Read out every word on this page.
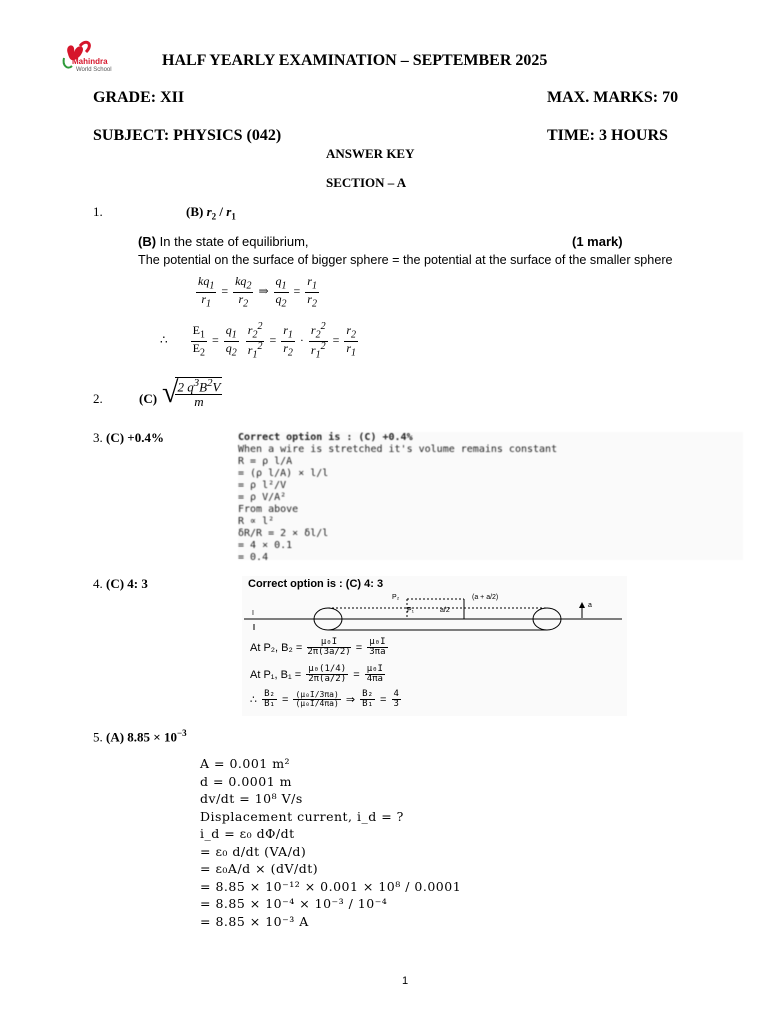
Mahindra
World School
HALF YEARLY EXAMINATION – SEPTEMBER 2025
GRADE: XII	MAX. MARKS: 70
SUBJECT: PHYSICS (042)	TIME: 3 HOURS
ANSWER KEY
SECTION – A
1.	(B) $r_2 / r_1$
(B) In the state of equilibrium,	(1 mark)
The potential on the surface of bigger sphere = the potential at the surface of the smaller sphere
$\frac{kq_1}{r_1} = \frac{kq_2}{r_2}$ ⇒ $\frac{q_1}{q_2} = \frac{r_1}{r_2}$
∴ $\frac{E_1}{E_2} = \frac{q_1}{q_2}$
$\frac{r_2^2}{r_1^2} = \frac{r_1}{r_2} \cdot \frac{r_2^2}{r_1^2} = \frac{r_2}{r_1}$
2.	(C) √
$\frac{2 q^3B^2V}{m}$
3. (C) +0.4%	Correct option is : (C) +0.4%
When a wire is stretched it's volume remains constant
R = ρ l/A
= (ρ l/A) × l/l
= ρ l²/V
= ρ V/A²
From above
R ∝ l²
δR/R = 2 × δl/l
= 4 × 0.1
= 0.4
4. (C) 4: 3	Correct option is : (C) 4: 3
P₂	(a + a/2)
P₁	a/2
a
I
At P₂, $B_2 = \frac{\text{μ₀I}}{2\pi(3a/2)} = \frac{\text{μ₀I}}{3\pi a}$
At P₁, $B_1 = \frac{\text{μ₀(1/4)}}{2\pi(a/2)} = \frac{\text{μ₀I}}{4\pi a}$
∴ $\frac{\text{B₂}}{\text{B₁}} = \frac{\text{(μ₀I/3πa)}}{\text{(μ₀I/4πa)}}$ ⇒ $\frac{\text{B₂}}{\text{B₁}} = \frac{4}{3}$
5. (A) $8.85 \times 10^{-3}$
A = 0.001 m²
d = 0.0001 m
dv/dt = 10⁸ V/s
Displacement current, i_d = ?
i_d = ε₀ dΦ/dt
= ε₀ d/dt (VA/d)
= ε₀A/d × (dV/dt)
= 8.85 × 10⁻¹² × 0.001 × 10⁸ / 0.0001
= 8.85 × 10⁻⁴ × 10⁻³ / 10⁻⁴
= 8.85 × 10⁻³ A
1
